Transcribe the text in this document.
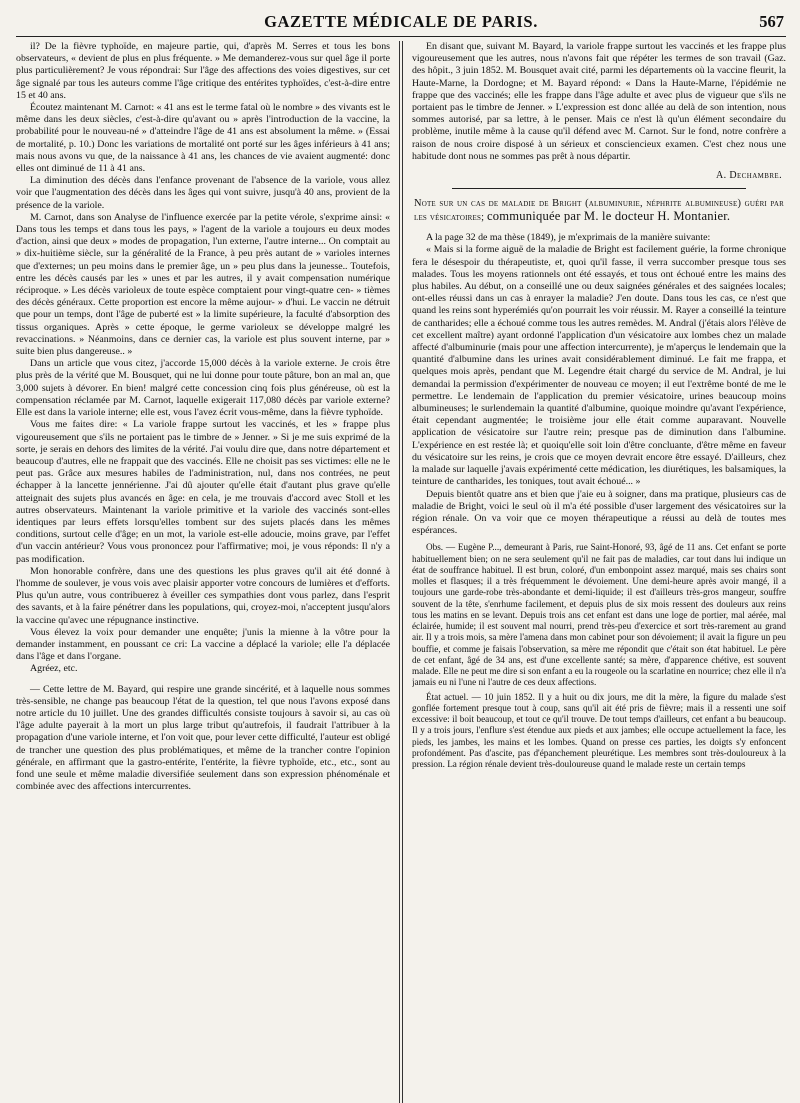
GAZETTE MÉDICALE DE PARIS.	567

il? De la fièvre typhoïde, en majeure partie, qui, d'après M. Serres et tous les bons observateurs, « devient de plus en plus fréquente. » Me demanderez-vous sur quel âge il porte plus particulièrement? Je vous répondrai: Sur l'âge des affections des voies digestives, sur cet âge signalé par tous les auteurs comme l'âge critique des entérites typhoïdes, c'est-à-dire entre 15 et 40 ans.

Écoutez maintenant M. Carnot: « 41 ans est le terme fatal où le nombre » des vivants est le même dans les deux siècles, c'est-à-dire qu'avant ou » après l'introduction de la vaccine, la probabilité pour le nouveau-né » d'atteindre l'âge de 41 ans est absolument la même. » (Essai de mortalité, p. 10.) Donc les variations de mortalité ont porté sur les âges inférieurs à 41 ans; mais nous avons vu que, de la naissance à 41 ans, les chances de vie avaient augmenté: donc elles ont diminué de 11 à 41 ans.

La diminution des décès dans l'enfance provenant de l'absence de la variole, vous allez voir que l'augmentation des décès dans les âges qui vont suivre, jusqu'à 40 ans, provient de la présence de la variole.

M. Carnot, dans son Analyse de l'influence exercée par la petite vérole, s'exprime ainsi: « Dans tous les temps et dans tous les pays, » l'agent de la variole a toujours eu deux modes d'action, ainsi que deux » modes de propagation, l'un externe, l'autre interne... On comptait au » dix-huitième siècle, sur la généralité de la France, à peu près autant de » varioles internes que d'externes; un peu moins dans le premier âge, un » peu plus dans la jeunesse.. Toutefois, entre les décès causés par les » unes et par les autres, il y avait compensation numérique réciproque. » Les décès varioleux de toute espèce comptaient pour vingt-quatre cen- » tièmes des décès généraux. Cette proportion est encore la même aujour- » d'hui. Le vaccin ne détruit que pour un temps, dont l'âge de puberté est » la limite supérieure, la faculté d'absorption des tissus organiques. Après » cette époque, le germe varioleux se développe malgré les revaccinations. » Néanmoins, dans ce dernier cas, la variole est plus souvent interne, par » suite bien plus dangereuse.. »

Dans un article que vous citez, j'accorde 15,000 décès à la variole externe. Je crois être plus près de la vérité que M. Bousquet, qui ne lui donne pour toute pâture, bon an mal an, que 3,000 sujets à dévorer. En bien! malgré cette concession cinq fois plus généreuse, où est la compensation réclamée par M. Carnot, laquelle exigerait 117,080 décès par variole externe? Elle est dans la variole interne; elle est, vous l'avez écrit vous-même, dans la fièvre typhoïde.

Vous me faites dire: « La variole frappe surtout les vaccinés, et les » frappe plus vigoureusement que s'ils ne portaient pas le timbre de » Jenner. » Si je me suis exprimé de la sorte, je serais en dehors des limites de la vérité. J'ai voulu dire que, dans notre département et beaucoup d'autres, elle ne frappait que des vaccinés. Elle ne choisit pas ses victimes: elle ne le peut pas. Grâce aux mesures habiles de l'administration, nul, dans nos contrées, ne peut échapper à la lancette jennérienne. J'ai dû ajouter qu'elle était d'autant plus grave qu'elle atteignait des sujets plus avancés en âge: en cela, je me trouvais d'accord avec Stoll et les autres observateurs. Maintenant la variole primitive et la variole des vaccinés sont-elles identiques par leurs effets lorsqu'elles tombent sur des sujets placés dans les mêmes conditions, surtout celle d'âge; en un mot, la variole est-elle adoucie, moins grave, par l'effet d'un vaccin antérieur? Vous vous prononcez pour l'affirmative; moi, je vous réponds: Il n'y a pas modification.

Mon honorable confrère, dans une des questions les plus graves qu'il ait été donné à l'homme de soulever, je vous vois avec plaisir apporter votre concours de lumières et d'efforts. Plus qu'un autre, vous contribuerez à éveiller ces sympathies dont vous parlez, dans l'esprit des savants, et à la faire pénétrer dans les populations, qui, croyez-moi, n'acceptent jusqu'alors la vaccine qu'avec une répugnance instinctive.

Vous élevez la voix pour demander une enquête; j'unis la mienne à la vôtre pour la demander instamment, en poussant ce cri: La vaccine a déplacé la variole; elle l'a déplacée dans l'âge et dans l'organe.

Agréez, etc.

— Cette lettre de M. Bayard, qui respire une grande sincérité, et à laquelle nous sommes très-sensible, ne change pas beaucoup l'état de la question, tel que nous l'avons exposé dans notre article du 10 juillet. Une des grandes difficultés consiste toujours à savoir si, au cas où l'âge adulte payerait à la mort un plus large tribut qu'autrefois, il faudrait l'attribuer à la propagation d'une variole interne, et l'on voit que, pour lever cette difficulté, l'auteur est obligé de trancher une question des plus problématiques, et même de la trancher contre l'opinion générale, en affirmant que la gastro-entérite, l'entérite, la fièvre typhoïde, etc., etc., sont au fond une seule et même maladie diversifiée seulement dans son expression phénoménale et combinée avec des affections intercurrentes.

En disant que, suivant M. Bayard, la variole frappe surtout les vaccinés et les frappe plus vigoureusement que les autres, nous n'avons fait que répéter les termes de son travail (Gaz. des hôpit., 3 juin 1852. M. Bousquet avait cité, parmi les départements où la vaccine fleurit, la Haute-Marne, la Dordogne; et M. Bayard répond: « Dans la Haute-Marne, l'épidémie ne frappe que des vaccinés; elle les frappe dans l'âge adulte et avec plus de vigueur que s'ils ne portaient pas le timbre de Jenner. » L'expression est donc allée au delà de son intention, nous sommes autorisé, par sa lettre, à le penser. Mais ce n'est là qu'un élément secondaire du problème, inutile même à la cause qu'il défend avec M. Carnot. Sur le fond, notre confrère a raison de nous croire disposé à un sérieux et consciencieux examen. C'est chez nous une habitude dont nous ne sommes pas prêt à nous départir.

A. Dechambre.

Note sur un cas de maladie de Bright (albuminurie, néphrite albumineuse) guéri par les vésicatoires; communiquée par M. le docteur H. Montanier.

A la page 32 de ma thèse (1849), je m'exprimais de la manière suivante:

« Mais si la forme aiguë de la maladie de Bright est facilement guérie, la forme chronique fera le désespoir du thérapeutiste, et, quoi qu'il fasse, il verra succomber presque tous ses malades. Tous les moyens rationnels ont été essayés, et tous ont échoué entre les mains des plus habiles. Au début, on a conseillé une ou deux saignées générales et des saignées locales; ont-elles réussi dans un cas à enrayer la maladie? J'en doute. Dans tous les cas, ce n'est que quand les reins sont hyperémiés qu'on pourrait les voir réussir. M. Rayer a conseillé la teinture de cantharides; elle a échoué comme tous les autres remèdes. M. Andral (j'étais alors l'élève de cet excellent maître) ayant ordonné l'application d'un vésicatoire aux lombes chez un malade affecté d'albuminurie (mais pour une affection intercurrente), je m'aperçus le lendemain que la quantité d'albumine dans les urines avait considérablement diminué. Le fait me frappa, et quelques mois après, pendant que M. Legendre était chargé du service de M. Andral, je lui demandai la permission d'expérimenter de nouveau ce moyen; il eut l'extrême bonté de me le permettre. Le lendemain de l'application du premier vésicatoire, urines beaucoup moins albumineuses; le surlendemain la quantité d'albumine, quoique moindre qu'avant l'expérience, était cependant augmentée; le troisième jour elle était comme auparavant. Nouvelle application de vésicatoire sur l'autre rein; presque pas de diminution dans l'albumine. L'expérience en est restée là; et quoiqu'elle soit loin d'être concluante, d'être même en faveur du vésicatoire sur les reins, je crois que ce moyen devrait encore être essayé. D'ailleurs, chez la malade sur laquelle j'avais expérimenté cette médication, les diurétiques, les balsamiques, la teinture de cantharides, les toniques, tout avait échoué... »

Depuis bientôt quatre ans et bien que j'aie eu à soigner, dans ma pratique, plusieurs cas de maladie de Bright, voici le seul où il m'a été possible d'user largement des vésicatoires sur la région rénale. On va voir que ce moyen thérapeutique a réussi au delà de toutes mes espérances.

Obs. — Eugène P..., demeurant à Paris, rue Saint-Honoré, 93, âgé de 11 ans. Cet enfant se porte habituellement bien; on ne sera seulement qu'il ne fait pas de maladies, car tout dans lui indique un état de souffrance habituel. Il est brun, coloré, d'un embonpoint assez marqué, mais ses chairs sont molles et flasques; il a très fréquemment le dévoiement. Une demi-heure après avoir mangé, il a toujours une garde-robe très-abondante et demi-liquide; il est d'ailleurs très-gros mangeur, souffre souvent de la tête, s'enrhume facilement, et depuis plus de six mois ressent des douleurs aux reins tous les matins en se levant. Depuis trois ans cet enfant est dans une loge de portier, mal aérée, mal éclairée, humide; il est souvent mal nourri, prend très-peu d'exercice et sort très-rarement au grand air. Il y a trois mois, sa mère l'amena dans mon cabinet pour son dévoiement; il avait la figure un peu bouffie, et comme je faisais l'observation, sa mère me répondit que c'était son état habituel. Le père de cet enfant, âgé de 34 ans, est d'une excellente santé; sa mère, d'apparence chétive, est souvent malade. Elle ne peut me dire si son enfant a eu la rougeole ou la scarlatine en nourrice; chez elle il n'a jamais eu ni l'une ni l'autre de ces deux affections.

État actuel. — 10 juin 1852. Il y a huit ou dix jours, me dit la mère, la figure du malade s'est gonflée fortement presque tout à coup, sans qu'il ait été pris de fièvre; mais il a ressenti une soif excessive: il boit beaucoup, et tout ce qu'il trouve. De tout temps d'ailleurs, cet enfant a bu beaucoup. Il y a trois jours, l'enflure s'est étendue aux pieds et aux jambes; elle occupe actuellement la face, les pieds, les jambes, les mains et les lombes. Quand on presse ces parties, les doigts s'y enfoncent profondément. Pas d'ascite, pas d'épanchement pleurétique. Les membres sont très-douloureux à la pression. La région rénale devient très-douloureuse quand le malade reste un certain temps
